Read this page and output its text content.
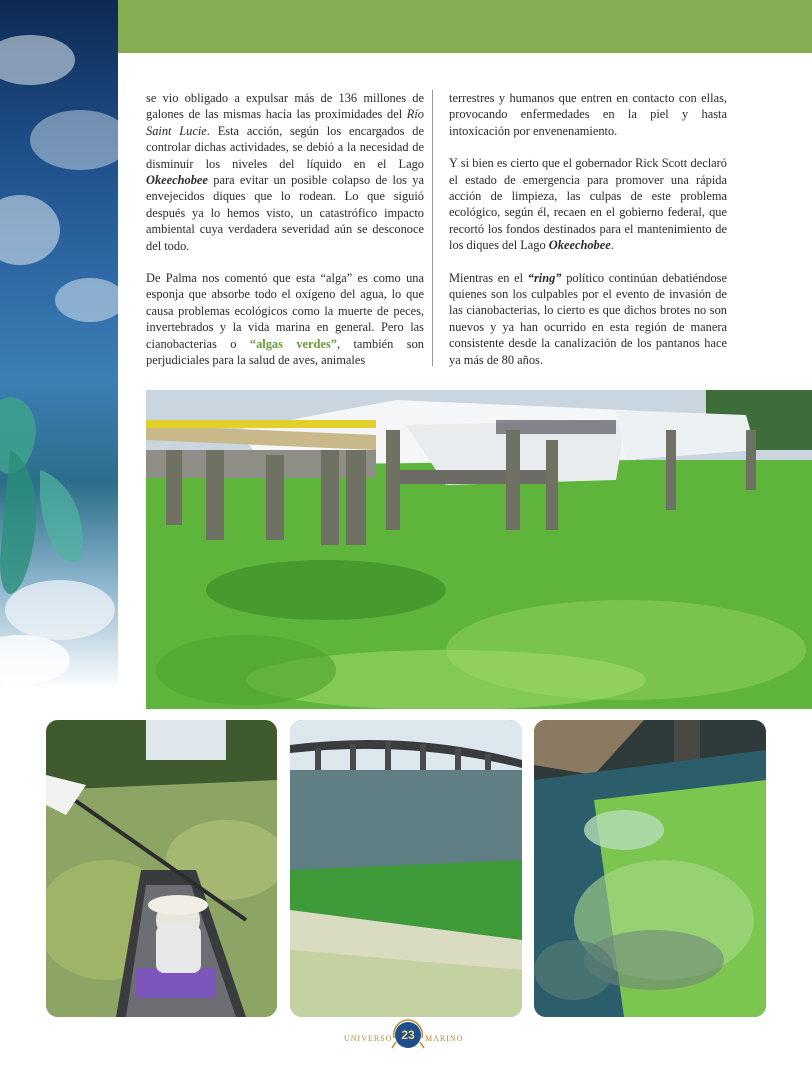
se vio obligado a expulsar más de 136 millones de galones de las mismas hacia las proximidades del Río Saint Lucie. Esta acción, según los encargados de controlar dichas actividades, se debió a la necesidad de disminuir los niveles del líquido en el Lago Okeechobee para evitar un posible colapso de los ya envejecidos diques que lo rodean. Lo que siguió después ya lo hemos visto, un catastrófico impacto ambiental cuya verdadera severidad aún se desconoce del todo.

De Palma nos comentó que esta “alga” es como una esponja que absorbe todo el oxígeno del agua, lo que causa problemas ecológicos como la muerte de peces, invertebrados y la vida marina en general. Pero las cianobacterias o “algas verdes”, también son perjudiciales para la salud de aves, animales

terrestres y humanos que entren en contacto con ellas, provocando enfermedades en la piel y hasta intoxicación por envenenamiento.

Y si bien es cierto que el gobernador Rick Scott declaró el estado de emergencia para promover una rápida acción de limpieza, las culpas de este problema ecológico, según él, recaen en el gobierno federal, que recortó los fondos destinados para el mantenimiento de los diques del Lago Okeechobee.

Mientras en el “ring” político continúan debatiéndose quienes son los culpables por el evento de invasión de las cianobacterias, lo cierto es que dichos brotes no son nuevos y ya han ocurrido en esta región de manera consistente desde la canalización de los pantanos hace ya más de 80 años.

UNIVERSO 23	MARINO
